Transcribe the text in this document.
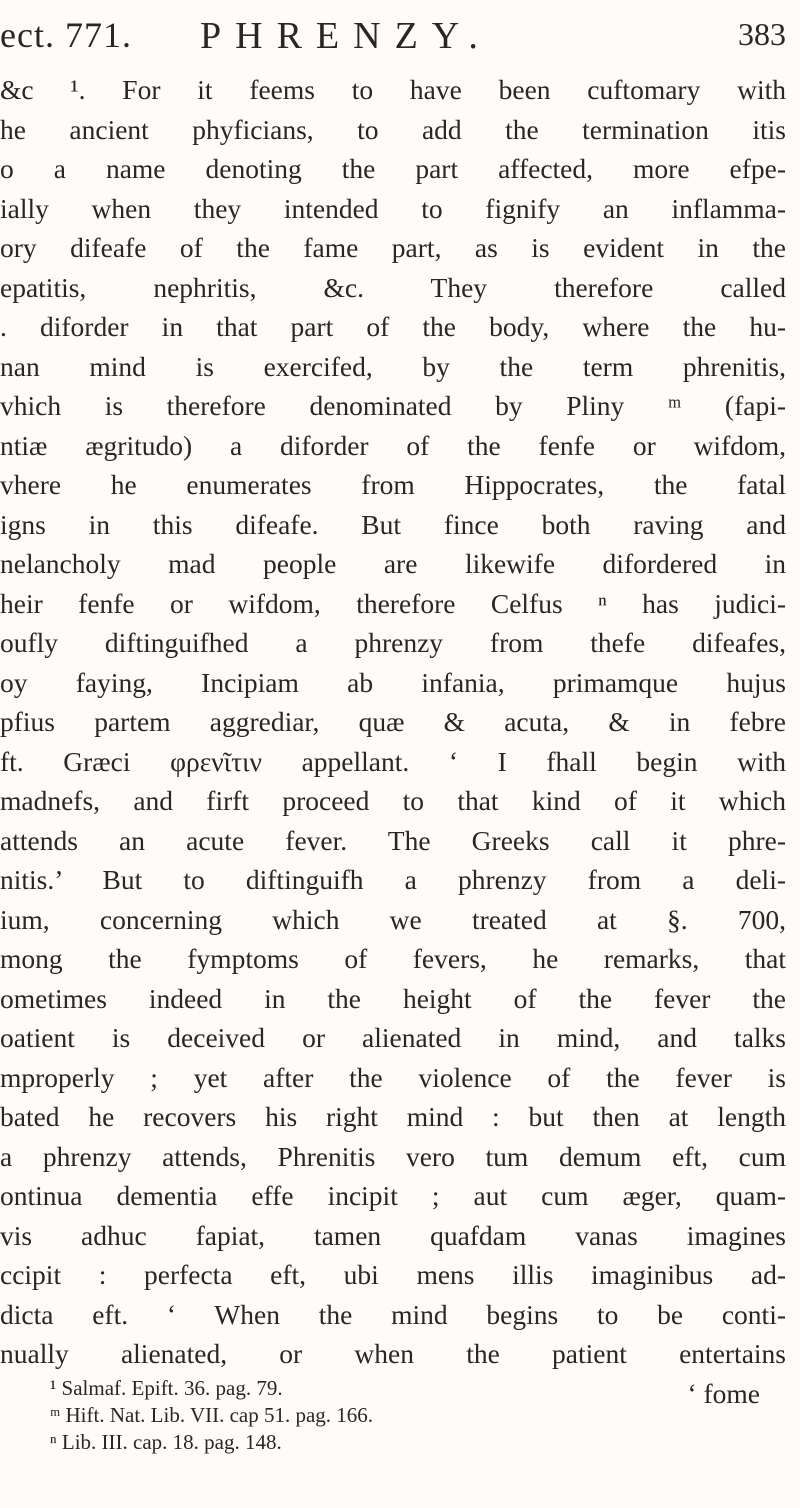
ect. 771. PHRENZY.	383
&c ¹. For it feems to have been cuftomary with
he ancient phyficians, to add the termination itis
o a name denoting the part affected, more efpe-
ially when they intended to fignify an inflamma-
ory difeafe of the fame part, as is evident in the
epatitis, nephritis, &c. They therefore called
. diforder in that part of the body, where the hu-
nan mind is exercifed, by the term phrenitis,
vhich is therefore denominated by Pliny ᵐ (fapi-
ntiæ ægritudo) a diforder of the fenfe or wifdom,
vhere he enumerates from Hippocrates, the fatal
igns in this difeafe. But fince both raving and
nelancholy mad people are likewife difordered in
heir fenfe or wifdom, therefore Celfus ⁿ has judici-
oufly diftinguifhed a phrenzy from thefe difeafes,
oy faying, Incipiam ab infania, primamque hujus
pfius partem aggrediar, quæ & acuta, & in febre
ft. Græci φρενῖτιν appellant. ‘ I fhall begin with
madnefs, and firft proceed to that kind of it which
attends an acute fever. The Greeks call it phre-
nitis.’ But to diftinguifh a phrenzy from a deli-
ium, concerning which we treated at §. 700,
mong the fymptoms of fevers, he remarks, that
ometimes indeed in the height of the fever the
oatient is deceived or alienated in mind, and talks
mproperly ; yet after the violence of the fever is
bated he recovers his right mind : but then at length
a phrenzy attends, Phrenitis vero tum demum eft, cum
ontinua dementia effe incipit ; aut cum æger, quam-
vis adhuc fapiat, tamen quafdam vanas imagines
ccipit : perfecta eft, ubi mens illis imaginibus ad-
dicta eft. ‘ When the mind begins to be conti-
nually alienated, or when the patient entertains
‘ fome
¹ Salmaf. Epift. 36. pag. 79.
ᵐ Hift. Nat. Lib. VII. cap 51. pag. 166.
ⁿ Lib. III. cap. 18. pag. 148.
